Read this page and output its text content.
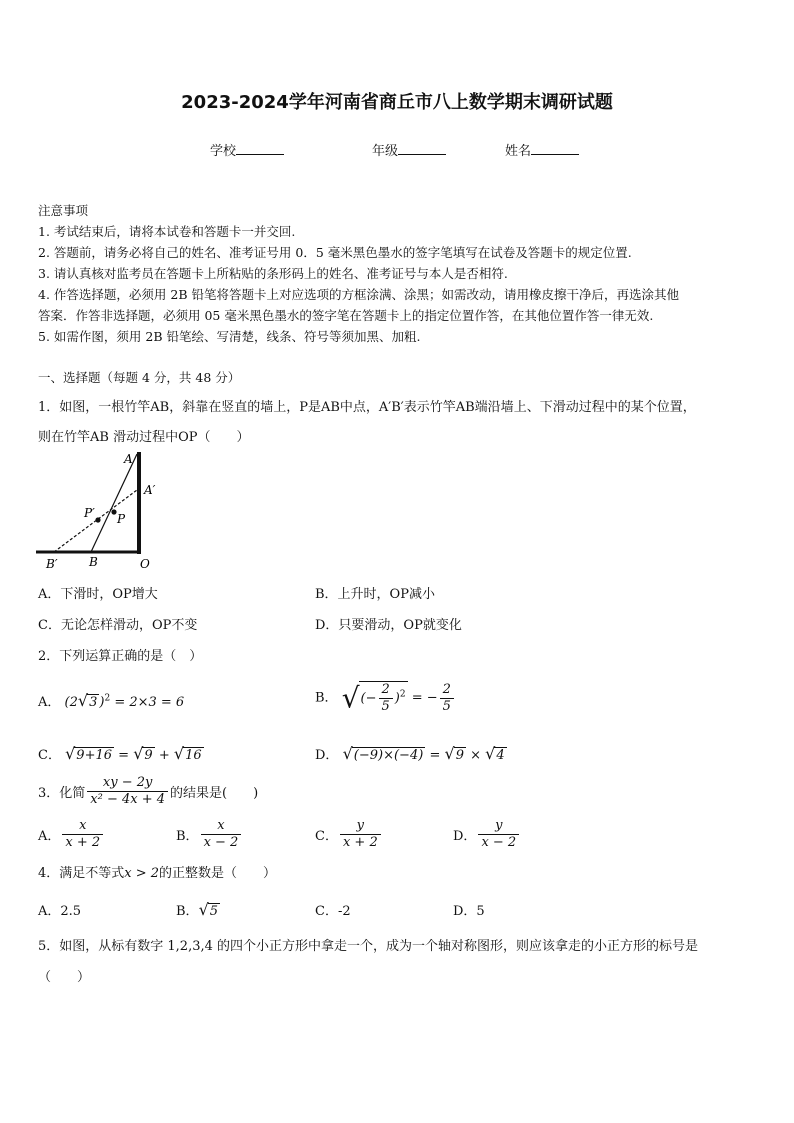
2023-2024学年河南省商丘市八上数学期末调研试题
学校	年级	姓名
注意事项
1. 考试结束后，请将本试卷和答题卡一并交回.
2. 答题前，请务必将自己的姓名、准考证号用 0．5 毫米黑色墨水的签字笔填写在试卷及答题卡的规定位置.
3. 请认真核对监考员在答题卡上所粘贴的条形码上的姓名、准考证号与本人是否相符.
4. 作答选择题，必须用 2B 铅笔将答题卡上对应选项的方框涂满、涂黑；如需改动，请用橡皮擦干净后，再选涂其他
答案．作答非选择题，必须用 05 毫米黑色墨水的签字笔在答题卡上的指定位置作答，在其他位置作答一律无效.
5. 如需作图，须用 2B 铅笔绘、写清楚，线条、符号等须加黑、加粗.
一、选择题（每题 4 分，共 48 分）
1．如图，一根竹竿AB，斜靠在竖直的墙上，P是AB中点，A′B′表示竹竿AB端沿墙上、下滑动过程中的某个位置，
则在竹竿AB 滑动过程中OP（　　）
A
A′
P
P′
B
B′	O
A．下滑时，OP增大	B．上升时，OP减小
C．无论怎样滑动，OP不变	D．只要滑动，OP就变化
2．下列运算正确的是（　）
A． (2√3 )$^2$ = 2×3 = 6	B． √(− $\frac{2}{5} )^2$ = − $\frac{2}{5}$
C． √9+16 = √9 + √16	D． √(−9)×(−4) = √9 × √4
3．化简 $\frac{xy - 2y}{\text{x² − 4x + 4}}$ 的结果是(　　)
A． $\frac{x}{x + 2}$	B． $\frac{x}{x - 2}$	C． $\frac{y}{x + 2}$	D． $\frac{y}{x - 2}$
4．满足不等式x > 2的正整数是（　　）
A．2.5	B．√5	C．-2	D．5
5．如图，从标有数字 1,2,3,4 的四个小正方形中拿走一个，成为一个轴对称图形，则应该拿走的小正方形的标号是
（　　）
